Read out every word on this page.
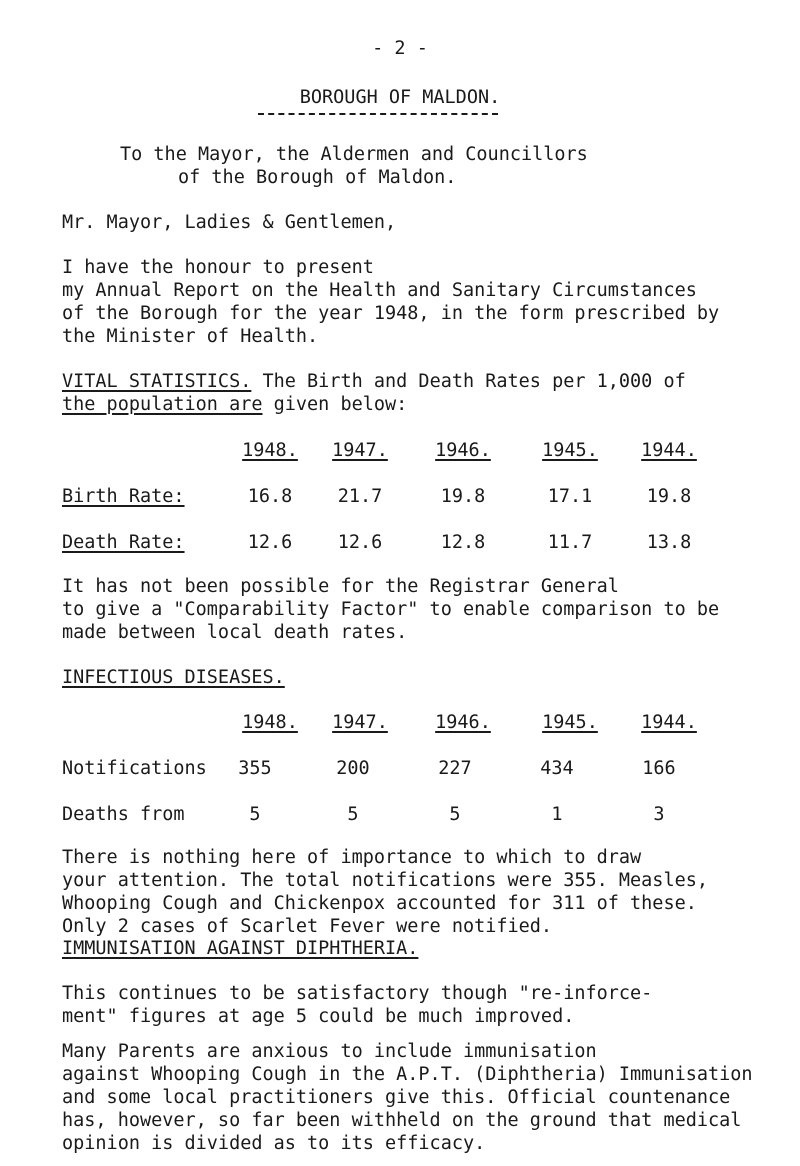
- 2 -
BOROUGH OF MALDON.
To the Mayor, the Aldermen and Councillors
of the Borough of Maldon.
Mr. Mayor, Ladies & Gentlemen,
I have the honour to present
my Annual Report on the Health and Sanitary Circumstances
of the Borough for the year 1948, in the form prescribed by
the Minister of Health.
VITAL STATISTICS. The Birth and Death Rates per 1,000 of
the population are given below:
1948.	1947.	1946.	1945.	1944.
Birth Rate:	16.8	21.7	19.8	17.1	19.8
Death Rate:	12.6	12.6	12.8	11.7	13.8
It has not been possible for the Registrar General
to give a "Comparability Factor" to enable comparison to be
made between local death rates.
INFECTIOUS DISEASES.
1948.	1947.	1946.	1945.	1944.
Notifications	355	200	227	434	166
Deaths from	5	5	5	1	3
There is nothing here of importance to which to draw
your attention. The total notifications were 355. Measles,
Whooping Cough and Chickenpox accounted for 311 of these.
Only 2 cases of Scarlet Fever were notified.
IMMUNISATION AGAINST DIPHTHERIA.
This continues to be satisfactory though "re-inforce-
ment" figures at age 5 could be much improved.

Many Parents are anxious to include immunisation
against Whooping Cough in the A.P.T. (Diphtheria) Immunisation
and some local practitioners give this. Official countenance
has, however, so far been withheld on the ground that medical
opinion is divided as to its efficacy.
